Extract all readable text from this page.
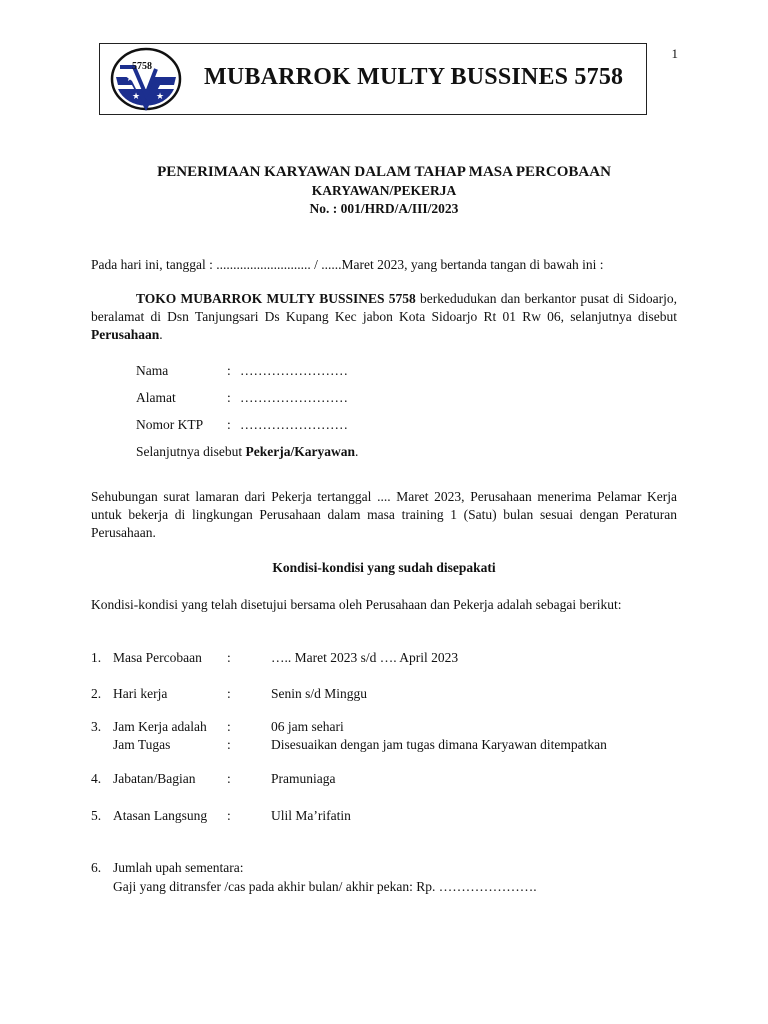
1
5758
★
★ ★
MUBARROK MULTY BUSSINES 5758
PENERIMAAN KARYAWAN DALAM TAHAP MASA PERCOBAAN
KARYAWAN/PEKERJA
No. : 001/HRD/A/III/2023
Pada hari ini, tanggal : ............................ / ......Maret 2023, yang bertanda tangan di bawah ini :
TOKO MUBARROK MULTY BUSSINES 5758 berkedudukan dan berkantor pusat di Sidoarjo, beralamat di Dsn Tanjungsari Ds Kupang Kec jabon Kota Sidoarjo Rt 01 Rw 06, selanjutnya disebut Perusahaan.
Nama	: ……………………
Alamat	: ……………………
Nomor KTP : ……………………
Selanjutnya disebut Pekerja/Karyawan.
Sehubungan surat lamaran dari Pekerja tertanggal .... Maret 2023, Perusahaan menerima Pelamar Kerja untuk bekerja di lingkungan Perusahaan dalam masa training 1 (Satu) bulan sesuai dengan Peraturan Perusahaan.
Kondisi-kondisi yang sudah disepakati
Kondisi-kondisi yang telah disetujui bersama oleh Perusahaan dan Pekerja adalah sebagai berikut:
1. Masa Percobaan :	….. Maret 2023 s/d …. April 2023
2. Hari kerja	:	Senin s/d Minggu
3. Jam Kerja adalah :	06 jam sehari
Jam Tugas	:	Disesuaikan dengan jam tugas dimana Karyawan ditempatkan
4. Jabatan/Bagian :	Pramuniaga
5. Atasan Langsung :	Ulil Ma’rifatin
6. Jumlah upah sementara:
Gaji yang ditransfer /cas pada akhir bulan/ akhir pekan: Rp. ………………….
